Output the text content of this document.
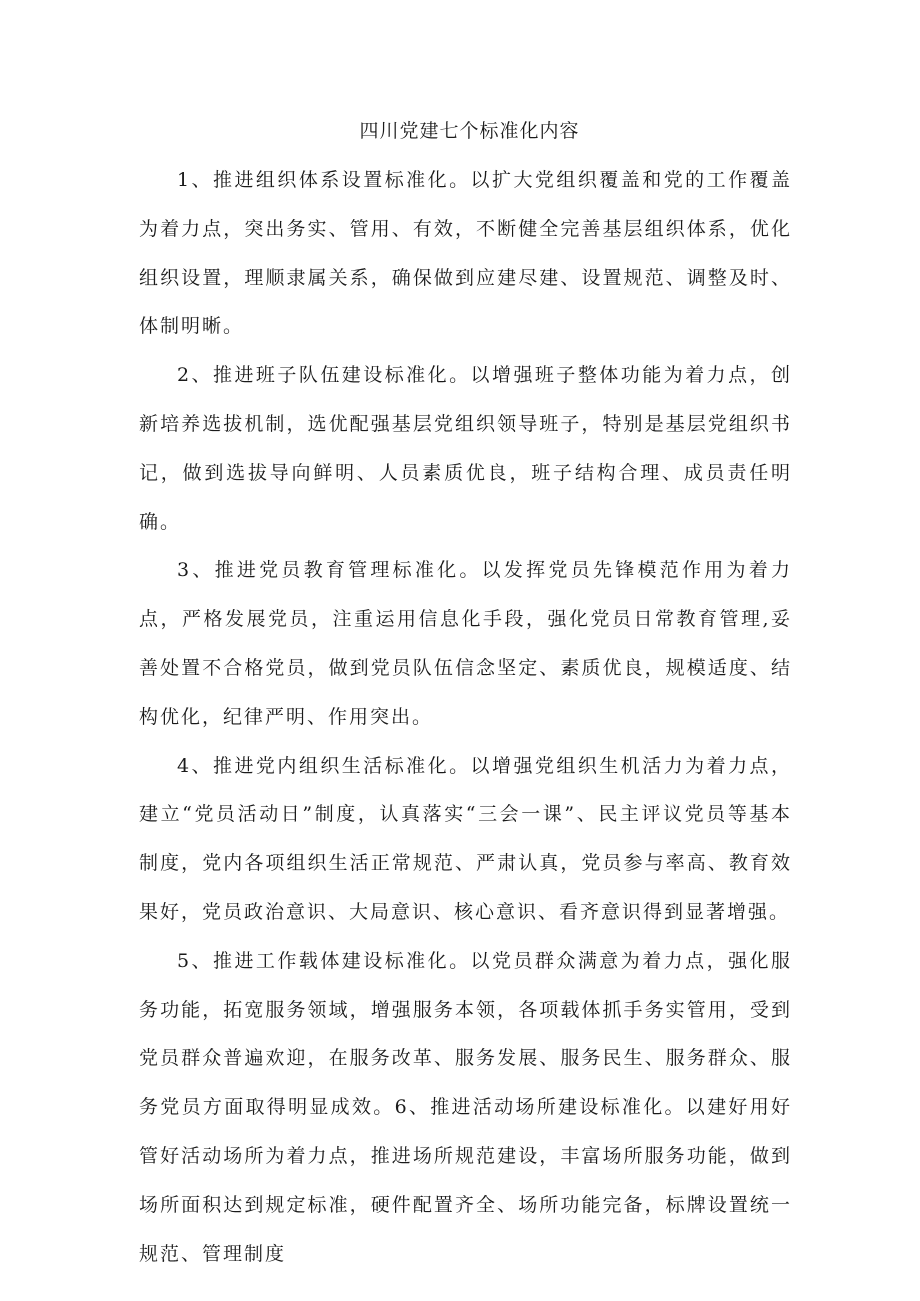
四川党建七个标准化内容

1、推进组织体系设置标准化。以扩大党组织覆盖和党的工作覆盖为着力点，突出务实、管用、有效，不断健全完善基层组织体系，优化组织设置，理顺隶属关系，确保做到应建尽建、设置规范、调整及时、体制明晰。

2、推进班子队伍建设标准化。以增强班子整体功能为着力点，创新培养选拔机制，选优配强基层党组织领导班子，特别是基层党组织书记，做到选拔导向鲜明、人员素质优良，班子结构合理、成员责任明确。

3、推进党员教育管理标准化。以发挥党员先锋模范作用为着力点，严格发展党员，注重运用信息化手段，强化党员日常教育管理,妥善处置不合格党员，做到党员队伍信念坚定、素质优良，规模适度、结构优化，纪律严明、作用突出。

4、推进党内组织生活标准化。以增强党组织生机活力为着力点，建立“党员活动日”制度，认真落实“三会一课”、民主评议党员等基本制度，党内各项组织生活正常规范、严肃认真，党员参与率高、教育效果好，党员政治意识、大局意识、核心意识、看齐意识得到显著增强。

5、推进工作载体建设标准化。以党员群众满意为着力点，强化服务功能，拓宽服务领域，增强服务本领，各项载体抓手务实管用，受到党员群众普遍欢迎，在服务改革、服务发展、服务民生、服务群众、服务党员方面取得明显成效。6、推进活动场所建设标准化。以建好用好管好活动场所为着力点，推进场所规范建设，丰富场所服务功能，做到场所面积达到规定标准，硬件配置齐全、场所功能完备，标牌设置统一规范、管理制度
